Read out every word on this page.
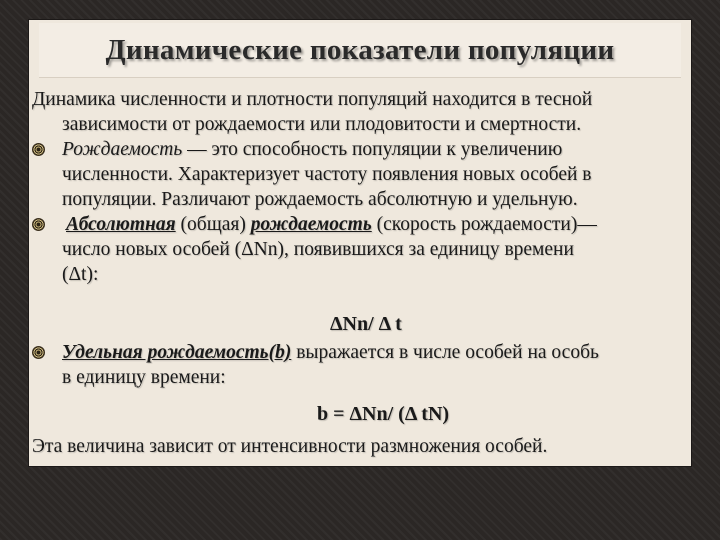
Динамические показатели популяции
Динамика численности и плотности популяций находится в тесной
зависимости от рождаемости или плодовитости и смертности.
Рождаемость — это способность популяции к увеличению
численности. Характеризует частоту появления новых особей в
популяции. Различают рождаемость абсолютную и удельную.
Абсолютная (общая) рождаемость (скорость рождаемости)—
число новых особей (ΔNn), появившихся за единицу времени
(Δt):
ΔNn/ Δ t
Удельная рождаемость(b) выражается в числе особей на особь
в единицу времени:
b = ΔNn/ (Δ tN)
Эта величина зависит от интенсивности размножения особей.
